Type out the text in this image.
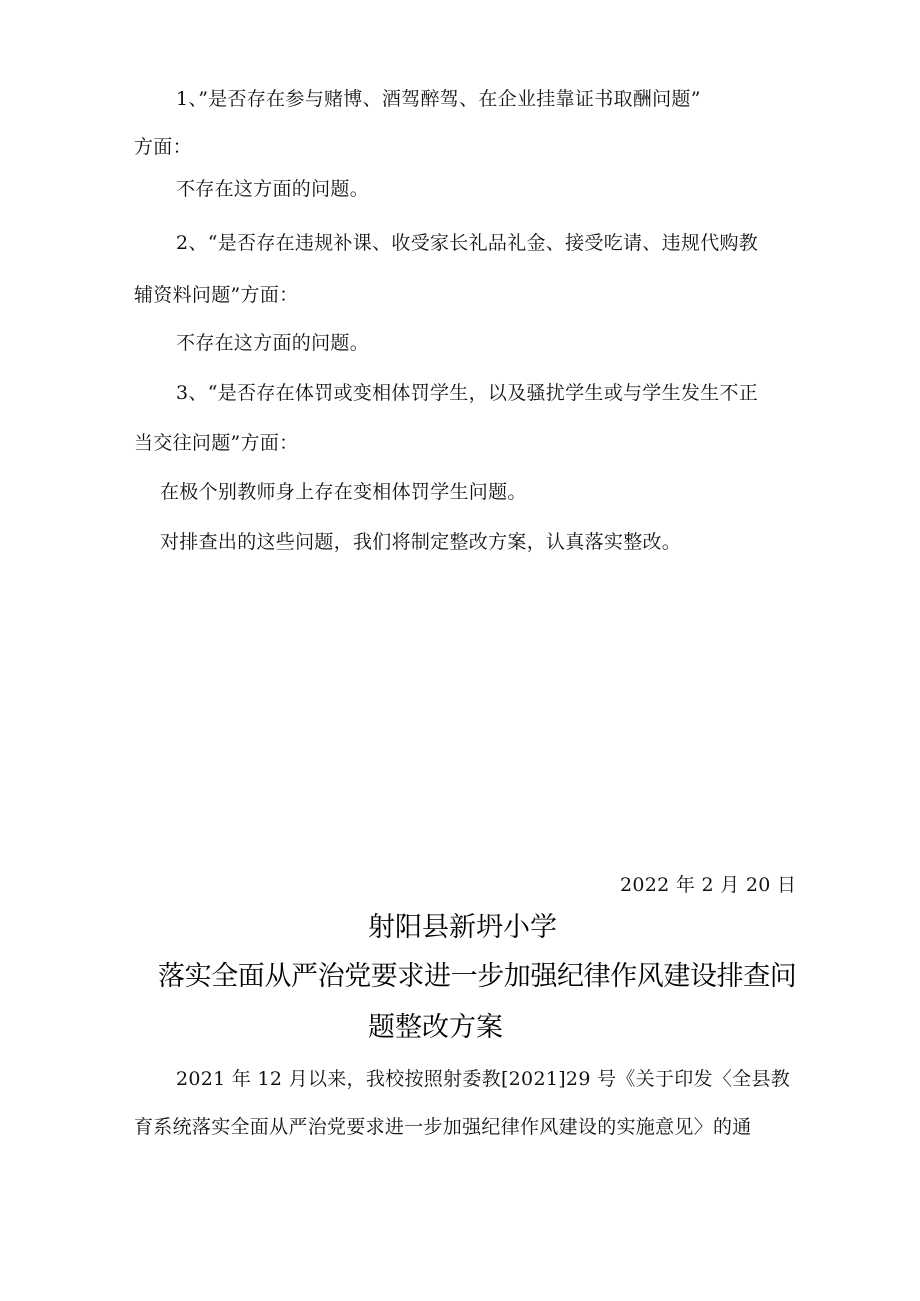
1、”是否存在参与赌博、酒驾醉驾、在企业挂靠证书取酬问题”
方面：
不存在这方面的问题。
2、“是否存在违规补课、收受家长礼品礼金、接受吃请、违规代购教
辅资料问题”方面：
不存在这方面的问题。
3、“是否存在体罚或变相体罚学生，以及骚扰学生或与学生发生不正
当交往问题”方面：
在极个别教师身上存在变相体罚学生问题。
对排查出的这些问题，我们将制定整改方案，认真落实整改。
2022 年 2 月 20 日
射阳县新坍小学
落实全面从严治党要求进一步加强纪律作风建设排查问
题整改方案
2021 年 12 月以来，我校按照射委教[2021]29 号《关于印发〈全县教
育系统落实全面从严治党要求进一步加强纪律作风建设的实施意见〉的通
